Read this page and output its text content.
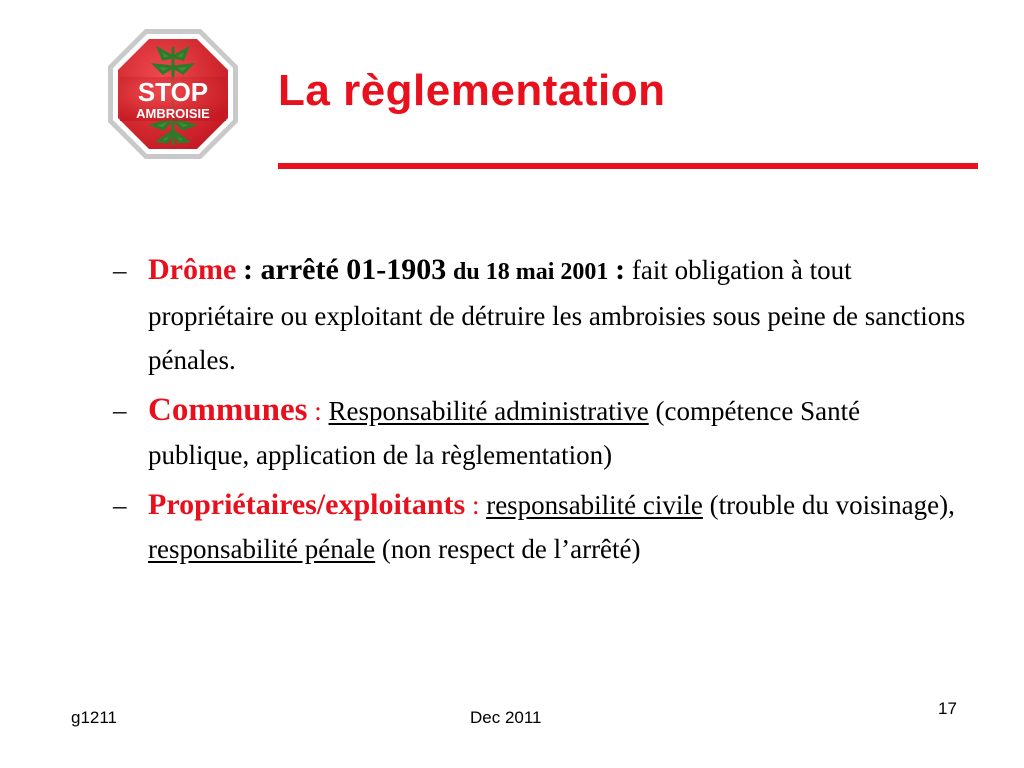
STOP
AMBROISIE La règlementation
– Drôme : arrêté 01-1903 du 18 mai 2001 : fait obligation à tout propriétaire ou exploitant de détruire les ambroisies sous peine de sanctions pénales.
– Communes : Responsabilité administrative (compétence Santé publique, application de la règlementation)
– Propriétaires/exploitants : responsabilité civile (trouble du voisinage), responsabilité pénale (non respect de l’arrêté)
g1211	Dec 2011	17
